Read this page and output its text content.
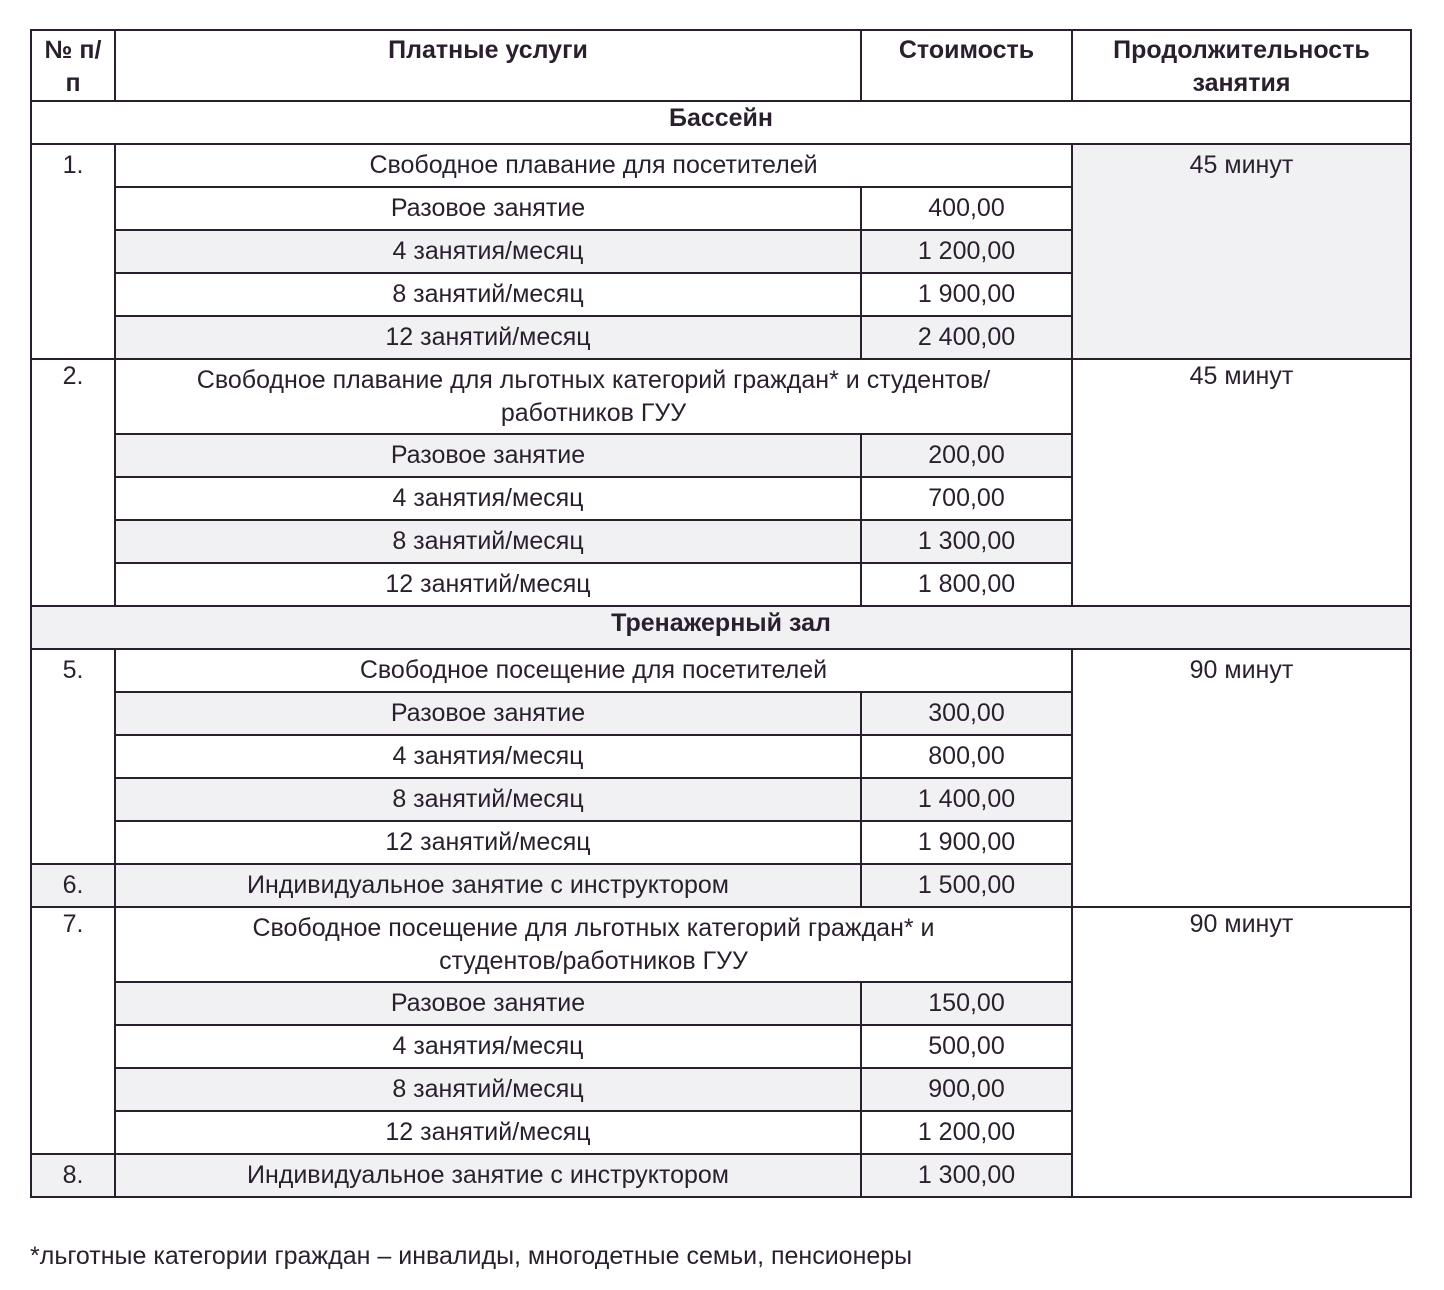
№ п/п	Платные услуги	Стоимость	Продолжительность занятия
Бассейн			
1.	Свободное плавание для посетителей		45 минут
	Разовое занятие	400,00	
	4 занятия/месяц	1 200,00	
	8 занятий/месяц	1 900,00	
	12 занятий/месяц	2 400,00	
2.	Свободное плавание для льготных категорий граждан* и студентов/работников ГУУ		45 минут
	Разовое занятие	200,00	
	4 занятия/месяц	700,00	
	8 занятий/месяц	1 300,00	
	12 занятий/месяц	1 800,00	
Тренажерный зал			
5.	Свободное посещение для посетителей		90 минут
	Разовое занятие	300,00	
	4 занятия/месяц	800,00	
	8 занятий/месяц	1 400,00	
	12 занятий/месяц	1 900,00	
6.	Индивидуальное занятие с инструктором	1 500,00	
7.	Свободное посещение для льготных категорий граждан* и студентов/работников ГУУ		90 минут
	Разовое занятие	150,00	
	4 занятия/месяц	500,00	
	8 занятий/месяц	900,00	
	12 занятий/месяц	1 200,00	
8.	Индивидуальное занятие с инструктором	1 300,00	
*льготные категории граждан – инвалиды, многодетные семьи, пенсионеры
